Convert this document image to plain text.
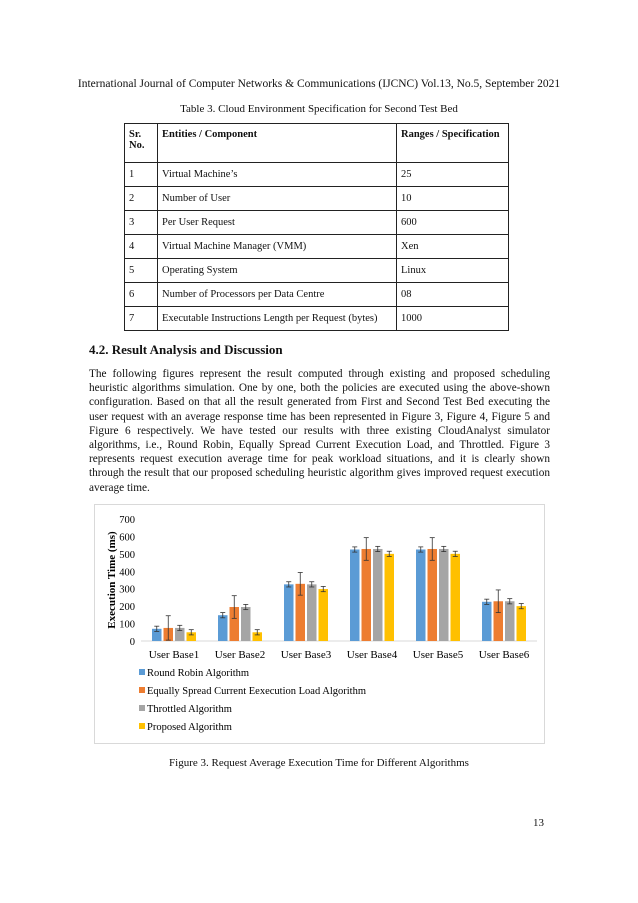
International Journal of Computer Networks & Communications (IJCNC) Vol.13, No.5, September 2021
Table 3. Cloud Environment Specification for Second Test Bed
Sr. No.	Entities / Component	Ranges / Specification
1	Virtual Machine’s	25
2	Number of User	10
3	Per User Request	600
4	Virtual Machine Manager (VMM)	Xen
5	Operating System	Linux
6	Number of Processors per Data Centre	08
7	Executable Instructions Length per Request (bytes)	1000
4.2. Result Analysis and Discussion
The following figures represent the result computed through existing and proposed scheduling heuristic algorithms simulation. One by one, both the policies are executed using the above-shown configuration. Based on that all the result generated from First and Second Test Bed executing the user request with an average response time has been represented in Figure 3, Figure 4, Figure 5 and Figure 6 respectively. We have tested our results with three existing CloudAnalyst simulator algorithms, i.e., Round Robin, Equally Spread Current Execution Load, and Throttled. Figure 3 represents request execution average time for peak workload situations, and it is clearly shown through the result that our proposed scheduling heuristic algorithm gives improved request execution average time.
Execution Time (ms)
0
100
200
300
400
500
600
700
User Base1 User Base2 User Base3 User Base4 User Base5 User Base6
Round Robin Algorithm
Equally Spread Current Eexecution Load Algorithm
Throttled Algorithm
Proposed Algorithm
Figure 3. Request Average Execution Time for Different Algorithms
13
